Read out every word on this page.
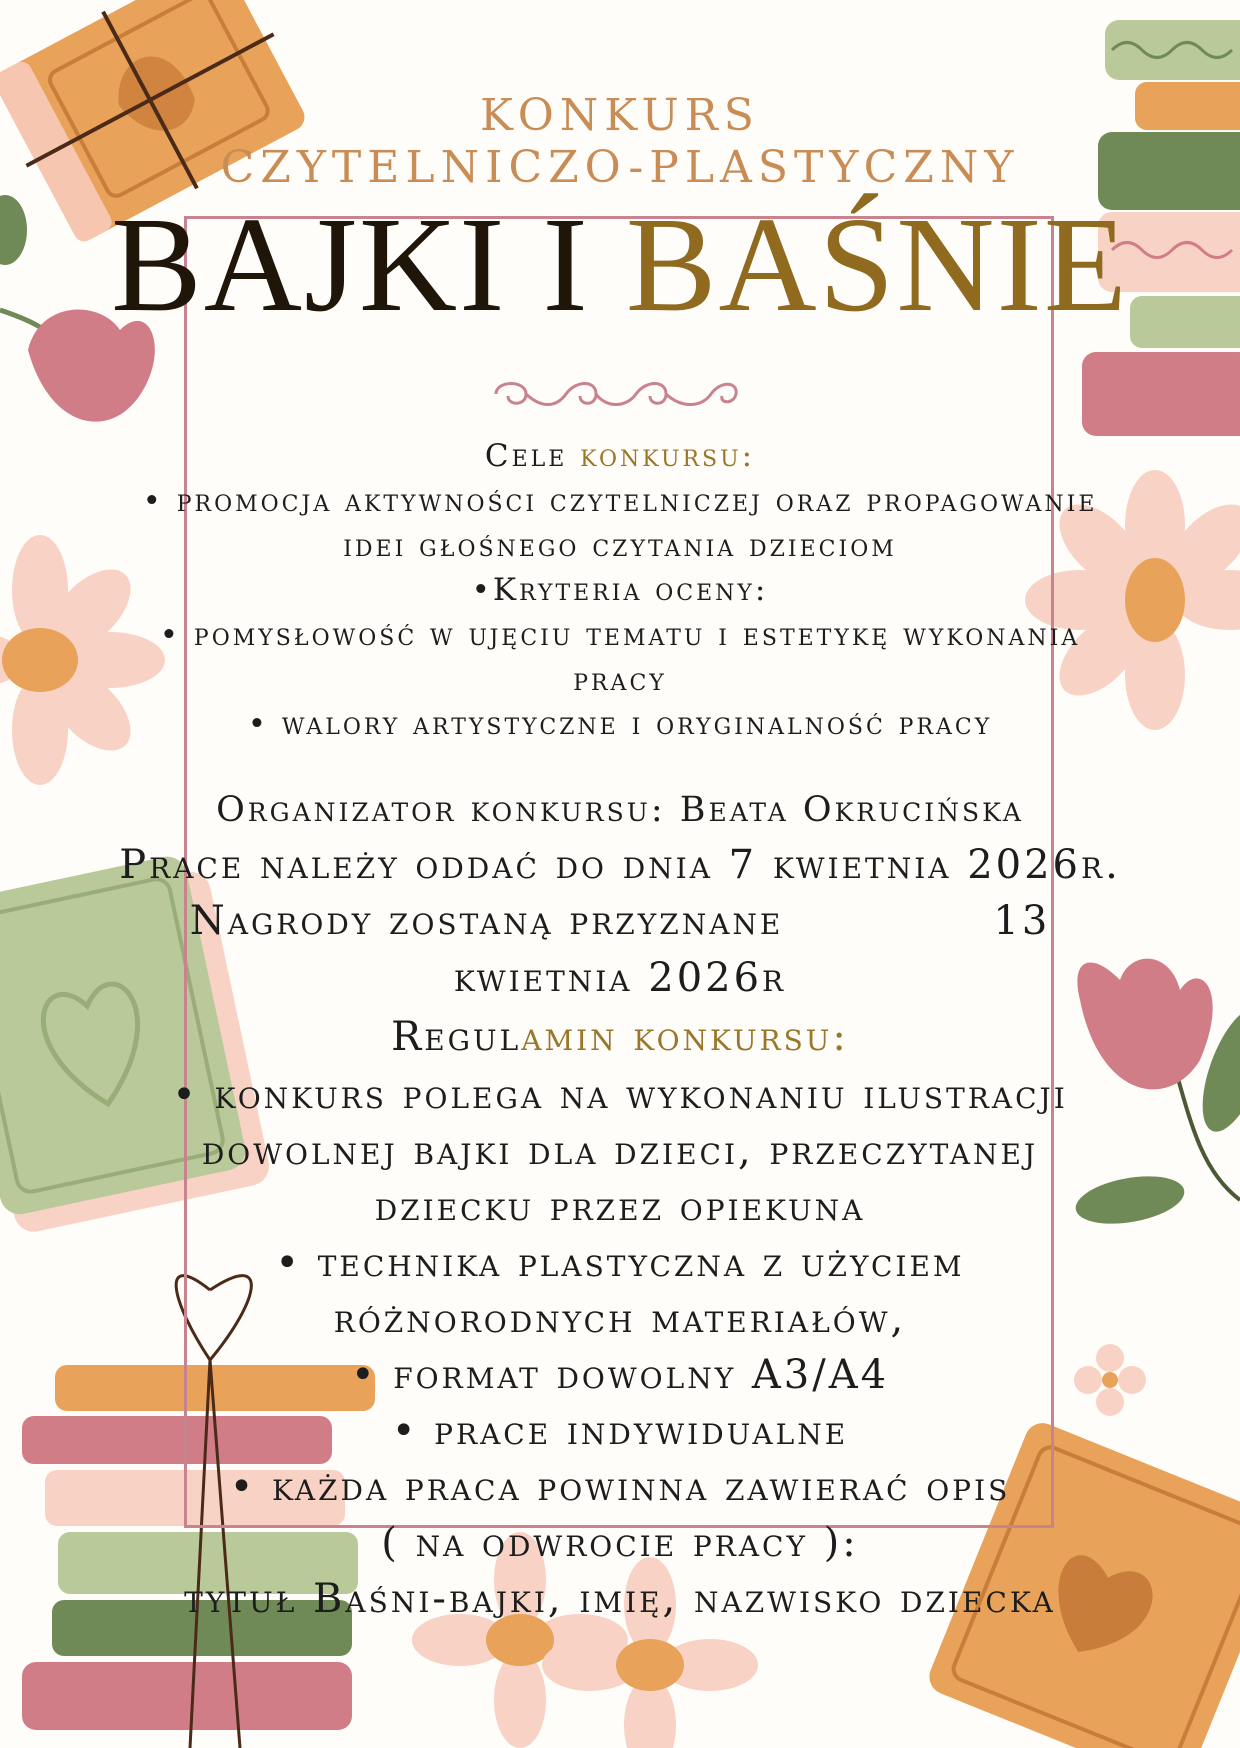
KONKURS
CZYTELNICZO-PLASTYCZNY
BAJKI I BAŚNIE
Cele konkursu:
• promocja aktywności czytelniczej oraz propagowanie
idei głośnego czytania dzieciom
•Kryteria oceny:
• pomysłowość w ujęciu tematu i estetykę wykonania
pracy
• walory artystyczne i oryginalność pracy
Organizator konkursu: Beata Okrucińska
Prace należy oddać do dnia 7 kwietnia 2026r.
Nagrody zostaną przyznane	13
kwietnia 2026r
Regulamin konkursu:
• konkurs polega na wykonaniu ilustracji
dowolnej bajki dla dzieci, przeczytanej
dziecku przez opiekuna
• technika plastyczna z użyciem
różnorodnych materiałów,
• format dowolny A3/A4
• prace indywidualne
• każda praca powinna zawierać opis
( na odwrocie pracy ):
tytuł Baśni-bajki, imię, nazwisko dziecka
